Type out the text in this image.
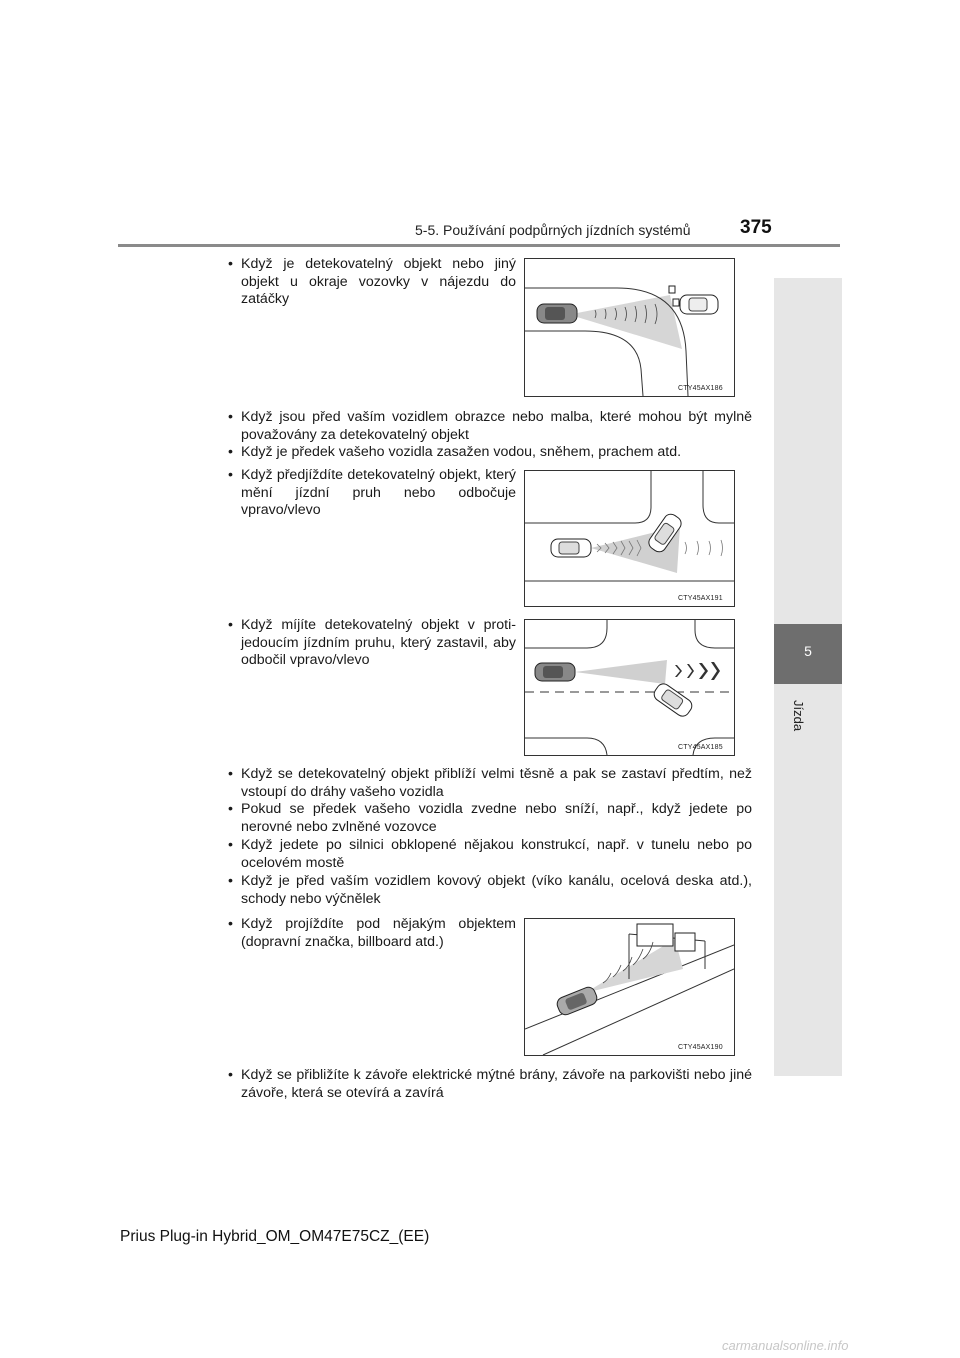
5-5. Používání podpůrných jízdních systémů	375
5
Jízda
• Když je detekovatelný objekt nebo jiný objekt u okraje vozovky v nájezdu do zatáčky
• Když jsou před vaším vozidlem obrazce nebo malba, které mohou být mylně považovány za detekovatelný objekt
• Když je předek vašeho vozidla zasažen vodou, sněhem, prachem atd.
• Když předjíždíte detekovatelný objekt, který mění jízdní pruh nebo odbočuje vpravo/vlevo
• Když míjíte detekovatelný objekt v proti-jedoucím jízdním pruhu, který zastavil, aby odbočil vpravo/vlevo
• Když se detekovatelný objekt přiblíží velmi těsně a pak se zastaví předtím, než vstoupí do dráhy vašeho vozidla
• Pokud se předek vašeho vozidla zvedne nebo sníží, např., když jedete po nerovné nebo zvlněné vozovce
• Když jedete po silnici obklopené nějakou konstrukcí, např. v tunelu nebo po ocelovém mostě
• Když je před vaším vozidlem kovový objekt (víko kanálu, ocelová deska atd.), schody nebo výčnělek
• Když projíždíte pod nějakým objektem (dopravní značka, billboard atd.)
• Když se přibližíte k závoře elektrické mýtné brány, závoře na parkovišti nebo jiné závoře, která se otevírá a zavírá
CTY45AX186
CTY45AX191
CTY45AX185
CTY45AX190
Prius Plug-in Hybrid_OM_OM47E75CZ_(EE)
carmanualsonline.info
